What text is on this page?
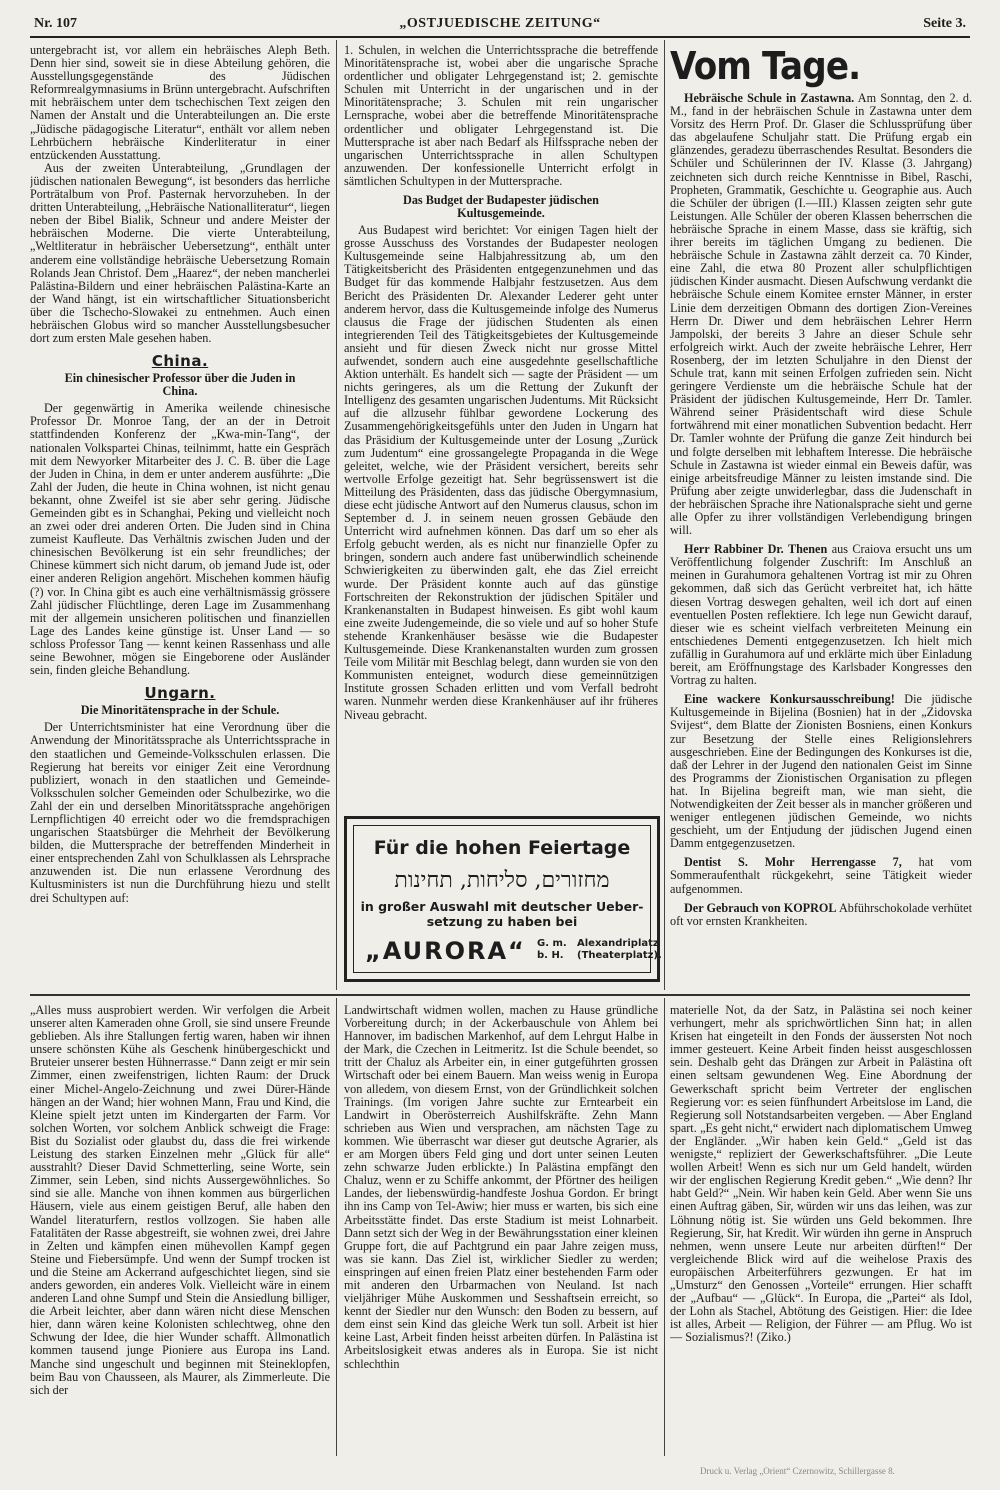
Nr. 107	„OSTJUEDISCHE ZEITUNG“	Seite 3.

untergebracht ist, vor allem ein hebräisches Aleph Beth. Denn hier sind, soweit sie in diese Abteilung gehören, die Ausstellungsgegenstände des Jüdischen Reformrealgymnasiums in Brünn untergebracht. Aufschriften mit hebräischem unter dem tschechischen Text zeigen den Namen der Anstalt und die Unterabteilungen an. Die erste „Jüdische pädagogische Literatur“, enthält vor allem neben Lehrbüchern hebräische Kinderliteratur in einer entzückenden Ausstattung.

Aus der zweiten Unterabteilung, „Grundlagen der jüdischen nationalen Bewegung“, ist besonders das herrliche Porträtalbum von Prof. Pasternak hervorzuheben. In der dritten Unterabteilung, „Hebräische Nationalliteratur“, liegen neben der Bibel Bialik, Schneur und andere Meister der hebräischen Moderne. Die vierte Unterabteilung, „Weltliteratur in hebräischer Uebersetzung“, enthält unter anderem eine vollständige hebräische Uebersetzung Romain Rolands Jean Christof. Dem „Haarez“, der neben mancherlei Palästina-Bildern und einer hebräischen Palästina-Karte an der Wand hängt, ist ein wirtschaftlicher Situationsbericht über die Tschecho-Slowakei zu entnehmen. Auch einen hebräischen Globus wird so mancher Ausstellungsbesucher dort zum ersten Male gesehen haben.

China.
Ein chinesischer Professor über die Juden in China.

Der gegenwärtig in Amerika weilende chinesische Professor Dr. Monroe Tang, der an der in Detroit stattfindenden Konferenz der „Kwa-min-Tang“, der nationalen Volkspartei Chinas, teilnimmt, hatte ein Gespräch mit dem Newyorker Mitarbeiter des J. C. B. über die Lage der Juden in China, in dem er unter anderem ausführte: „Die Zahl der Juden, die heute in China wohnen, ist nicht genau bekannt, ohne Zweifel ist sie aber sehr gering. Jüdische Gemeinden gibt es in Schanghai, Peking und vielleicht noch an zwei oder drei anderen Orten. Die Juden sind in China zumeist Kaufleute. Das Verhältnis zwischen Juden und der chinesischen Bevölkerung ist ein sehr freundliches; der Chinese kümmert sich nicht darum, ob jemand Jude ist, oder einer anderen Religion angehört. Mischehen kommen häufig (?) vor. In China gibt es auch eine verhältnismässig grössere Zahl jüdischer Flüchtlinge, deren Lage im Zusammenhang mit der allgemein unsicheren politischen und finanziellen Lage des Landes keine günstige ist. Unser Land — so schloss Professor Tang — kennt keinen Rassenhass und alle seine Bewohner, mögen sie Eingeborene oder Ausländer sein, finden gleiche Behandlung.

Ungarn.
Die Minoritätensprache in der Schule.

Der Unterrichtsminister hat eine Verordnung über die Anwendung der Minoritätssprache als Unterrichtssprache in den staatlichen und Gemeinde-Volksschulen erlassen. Die Regierung hat bereits vor einiger Zeit eine Verordnung publiziert, wonach in den staatlichen und Gemeinde-Volksschulen solcher Gemeinden oder Schulbezirke, wo die Zahl der ein und derselben Minoritätssprache angehörigen Lernpflichtigen 40 erreicht oder wo die fremdsprachigen ungarischen Staatsbürger die Mehrheit der Bevölkerung bilden, die Muttersprache der betreffenden Minderheit in einer entsprechenden Zahl von Schulklassen als Lehrsprache anzuwenden ist. Die nun erlassene Verordnung des Kultusministers ist nun die Durchführung hiezu und stellt drei Schultypen auf:

1. Schulen, in welchen die Unterrichtssprache die betreffende Minoritätensprache ist, wobei aber die ungarische Sprache ordentlicher und obligater Lehrgegenstand ist; 2. gemischte Schulen mit Unterricht in der ungarischen und in der Minoritätensprache; 3. Schulen mit rein ungarischer Lernsprache, wobei aber die betreffende Minoritätensprache ordentlicher und obligater Lehrgegenstand ist. Die Muttersprache ist aber nach Bedarf als Hilfssprache neben der ungarischen Unterrichtssprache in allen Schultypen anzuwenden. Der konfessionelle Unterricht erfolgt in sämtlichen Schultypen in der Muttersprache.

Das Budget der Budapester jüdischen Kultusgemeinde.

Aus Budapest wird berichtet: Vor einigen Tagen hielt der grosse Ausschuss des Vorstandes der Budapester neologen Kultusgemeinde seine Halbjahressitzung ab, um den Tätigkeitsbericht des Präsidenten entgegenzunehmen und das Budget für das kommende Halbjahr festzusetzen. Aus dem Bericht des Präsidenten Dr. Alexander Lederer geht unter anderem hervor, dass die Kultusgemeinde infolge des Numerus clausus die Frage der jüdischen Studenten als einen integrierenden Teil des Tätigkeitsgebietes der Kultusgemeinde ansieht und für diesen Zweck nicht nur grosse Mittel aufwendet, sondern auch eine ausgedehnte gesellschaftliche Aktion unterhält. Es handelt sich — sagte der Präsident — um nichts geringeres, als um die Rettung der Zukunft der Intelligenz des gesamten ungarischen Judentums. Mit Rücksicht auf die allzusehr fühlbar gewordene Lockerung des Zusammengehörigkeitsgefühls unter den Juden in Ungarn hat das Präsidium der Kultusgemeinde unter der Losung „Zurück zum Judentum“ eine grossangelegte Propaganda in die Wege geleitet, welche, wie der Präsident versichert, bereits sehr wertvolle Erfolge gezeitigt hat. Sehr begrüssenswert ist die Mitteilung des Präsidenten, dass das jüdische Obergymnasium, diese echt jüdische Antwort auf den Numerus clausus, schon im September d. J. in seinem neuen grossen Gebäude den Unterricht wird aufnehmen können. Das darf um so eher als Erfolg gebucht werden, als es nicht nur finanzielle Opfer zu bringen, sondern auch andere fast unüberwindlich scheinende Schwierigkeiten zu überwinden galt, ehe das Ziel erreicht wurde. Der Präsident konnte auch auf das günstige Fortschreiten der Rekonstruktion der jüdischen Spitäler und Krankenanstalten in Budapest hinweisen. Es gibt wohl kaum eine zweite Judengemeinde, die so viele und auf so hoher Stufe stehende Krankenhäuser besässe wie die Budapester Kultusgemeinde. Diese Krankenanstalten wurden zum grossen Teile vom Militär mit Beschlag belegt, dann wurden sie von den Kommunisten enteignet, wodurch diese gemeinnützigen Institute grossen Schaden erlitten und vom Verfall bedroht waren. Nunmehr werden diese Krankenhäuser auf ihr früheres Niveau gebracht.

Für die hohen Feiertage
מחזורים, סליחות, תחינות
in großer Auswahl mit deutscher Ueber-
setzung zu haben bei
„AURORA“ G. m.
b. H.
Alexandriplatz
(Theaterplatz).
Vom Tage.

Hebräische Schule in Zastawna. Am Sonntag, den 2. d. M., fand in der hebräischen Schule in Zastawna unter dem Vorsitz des Herrn Prof. Dr. Glaser die Schlussprüfung über das abgelaufene Schuljahr statt. Die Prüfung ergab ein glänzendes, geradezu überraschendes Resultat. Besonders die Schüler und Schülerinnen der IV. Klasse (3. Jahrgang) zeichneten sich durch reiche Kenntnisse in Bibel, Raschi, Propheten, Grammatik, Geschichte u. Geographie aus. Auch die Schüler der übrigen (I.—III.) Klassen zeigten sehr gute Leistungen. Alle Schüler der oberen Klassen beherrschen die hebräische Sprache in einem Masse, dass sie kräftig, sich ihrer bereits im täglichen Umgang zu bedienen. Die hebräische Schule in Zastawna zählt derzeit ca. 70 Kinder, eine Zahl, die etwa 80 Prozent aller schulpflichtigen jüdischen Kinder ausmacht. Diesen Aufschwung verdankt die hebräische Schule einem Komitee ernster Männer, in erster Linie dem derzeitigen Obmann des dortigen Zion-Vereines Herrn Dr. Diwer und dem hebräischen Lehrer Herrn Jampolski, der bereits 3 Jahre an dieser Schule sehr erfolgreich wirkt. Auch der zweite hebräische Lehrer, Herr Rosenberg, der im letzten Schuljahre in den Dienst der Schule trat, kann mit seinen Erfolgen zufrieden sein. Nicht geringere Verdienste um die hebräische Schule hat der Präsident der jüdischen Kultusgemeinde, Herr Dr. Tamler. Während seiner Präsidentschaft wird diese Schule fortwährend mit einer monatlichen Subvention bedacht. Herr Dr. Tamler wohnte der Prüfung die ganze Zeit hindurch bei und folgte derselben mit lebhaftem Interesse. Die hebräische Schule in Zastawna ist wieder einmal ein Beweis dafür, was einige arbeitsfreudige Männer zu leisten imstande sind. Die Prüfung aber zeigte unwiderlegbar, dass die Judenschaft in der hebräischen Sprache ihre Nationalsprache sieht und gerne alle Opfer zu ihrer vollständigen Verlebendigung bringen will.

Herr Rabbiner Dr. Thenen aus Craiova ersucht uns um Veröffentlichung folgender Zuschrift: Im Anschluß an meinen in Gurahumora gehaltenen Vortrag ist mir zu Ohren gekommen, daß sich das Gerücht verbreitet hat, ich hätte diesen Vortrag deswegen gehalten, weil ich dort auf einen eventuellen Posten reflektiere. Ich lege nun Gewicht darauf, dieser wie es scheint vielfach verbreiteten Meinung ein entschiedenes Dementi entgegenzusetzen. Ich hielt mich zufällig in Gurahumora auf und erklärte mich über Einladung bereit, am Eröffnungstage des Karlsbader Kongresses den Vortrag zu halten.

Eine wackere Konkursausschreibung! Die jüdische Kultusgemeinde in Bijelina (Bosnien) hat in der „Zidovska Svijest“, dem Blatte der Zionisten Bosniens, einen Konkurs zur Besetzung der Stelle eines Religionslehrers ausgeschrieben. Eine der Bedingungen des Konkurses ist die, daß der Lehrer in der Jugend den nationalen Geist im Sinne des Programms der Zionistischen Organisation zu pflegen hat. In Bijelina begreift man, wie man sieht, die Notwendigkeiten der Zeit besser als in mancher größeren und weniger entlegenen jüdischen Gemeinde, wo nichts geschieht, um der Entjudung der jüdischen Jugend einen Damm entgegenzusetzen.

Dentist S. Mohr Herrengasse 7, hat vom Sommeraufenthalt rückgekehrt, seine Tätigkeit wieder aufgenommen.

Der Gebrauch von KOPROL Abführschokolade verhütet oft vor ernsten Krankheiten.

„Alles muss ausprobiert werden. Wir verfolgen die Arbeit unserer alten Kameraden ohne Groll, sie sind unsere Freunde geblieben. Als ihre Stallungen fertig waren, haben wir ihnen unsere schönsten Kühe als Geschenk hinübergeschickt und Bruteier unserer besten Hühnerrasse.“ Dann zeigt er mir sein Zimmer, einen zweifenstrigen, lichten Raum: der Druck einer Michel-Angelo-Zeichnung und zwei Dürer-Hände hängen an der Wand; hier wohnen Mann, Frau und Kind, die Kleine spielt jetzt unten im Kindergarten der Farm. Vor solchen Worten, vor solchem Anblick schweigt die Frage: Bist du Sozialist oder glaubst du, dass die frei wirkende Leistung des starken Einzelnen mehr „Glück für alle“ ausstrahlt? Dieser David Schmetterling, seine Worte, sein Zimmer, sein Leben, sind nichts Aussergewöhnliches. So sind sie alle. Manche von ihnen kommen aus bürgerlichen Häusern, viele aus einem geistigen Beruf, alle haben den Wandel literaturfern, restlos vollzogen. Sie haben alle Fatalitäten der Rasse abgestreift, sie wohnen zwei, drei Jahre in Zelten und kämpfen einen mühevollen Kampf gegen Steine und Fiebersümpfe. Und wenn der Sumpf trocken ist und die Steine am Ackerrand aufgeschichtet liegen, sind sie anders geworden, ein anderes Volk. Vielleicht wäre in einem anderen Land ohne Sumpf und Stein die Ansiedlung billiger, die Arbeit leichter, aber dann wären nicht diese Menschen hier, dann wären keine Kolonisten schlechtweg, ohne den Schwung der Idee, die hier Wunder schafft. Allmonatlich kommen tausend junge Pioniere aus Europa ins Land. Manche sind ungeschult und beginnen mit Steineklopfen, beim Bau von Chausseen, als Maurer, als Zimmerleute. Die sich der

Landwirtschaft widmen wollen, machen zu Hause gründliche Vorbereitung durch; in der Ackerbauschule von Ahlem bei Hannover, im badischen Markenhof, auf dem Lehrgut Halbe in der Mark, die Czechen in Leitmeritz. Ist die Schule beendet, so tritt der Chaluz als Arbeiter ein, in einer gutgeführten grossen Wirtschaft oder bei einem Bauern. Man weiss wenig in Europa von alledem, von diesem Ernst, von der Gründlichkeit solchen Trainings. (Im vorigen Jahre suchte zur Erntearbeit ein Landwirt in Oberösterreich Aushilfskräfte. Zehn Mann schrieben aus Wien und versprachen, am nächsten Tage zu kommen. Wie überrascht war dieser gut deutsche Agrarier, als er am Morgen übers Feld ging und dort unter seinen Leuten zehn schwarze Juden erblickte.) In Palästina empfängt den Chaluz, wenn er zu Schiffe ankommt, der Pförtner des heiligen Landes, der liebenswürdig-handfeste Joshua Gordon. Er bringt ihn ins Camp von Tel-Awiw; hier muss er warten, bis sich eine Arbeitsstätte findet. Das erste Stadium ist meist Lohnarbeit. Dann setzt sich der Weg in der Bewährungsstation einer kleinen Gruppe fort, die auf Pachtgrund ein paar Jahre zeigen muss, was sie kann. Das Ziel ist, wirklicher Siedler zu werden; einspringen auf einen freien Platz einer bestehenden Farm oder mit anderen den Urbarmachen von Neuland. Ist nach vieljähriger Mühe Auskommen und Sesshaftsein erreicht, so kennt der Siedler nur den Wunsch: den Boden zu bessern, auf dem einst sein Kind das gleiche Werk tun soll. Arbeit ist hier keine Last, Arbeit finden heisst arbeiten dürfen. In Palästina ist Arbeitslosigkeit etwas anderes als in Europa. Sie ist nicht schlechthin

materielle Not, da der Satz, in Palästina sei noch keiner verhungert, mehr als sprichwörtlichen Sinn hat; in allen Krisen hat eingeteilt in den Fonds der äussersten Not noch immer gesteuert. Keine Arbeit finden heisst ausgeschlossen sein. Deshalb geht das Drängen zur Arbeit in Palästina oft einen seltsam gewundenen Weg. Eine Abordnung der Gewerkschaft spricht beim Vertreter der englischen Regierung vor: es seien fünfhundert Arbeitslose im Land, die Regierung soll Notstandsarbeiten vergeben. — Aber England spart. „Es geht nicht,“ erwidert nach diplomatischem Umweg der Engländer. „Wir haben kein Geld.“ „Geld ist das wenigste,“ repliziert der Gewerkschaftsführer. „Die Leute wollen Arbeit! Wenn es sich nur um Geld handelt, würden wir der englischen Regierung Kredit geben.“ „Wie denn? Ihr habt Geld?“ „Nein. Wir haben kein Geld. Aber wenn Sie uns einen Auftrag gäben, Sir, würden wir uns das leihen, was zur Löhnung nötig ist. Sie würden uns Geld bekommen. Ihre Regierung, Sir, hat Kredit. Wir würden ihn gerne in Anspruch nehmen, wenn unsere Leute nur arbeiten dürften!“ Der vergleichende Blick wird auf die weihelose Praxis des europäischen Arbeiterführers gezwungen. Er hat im „Umsturz“ den Genossen „Vorteile“ errungen. Hier schafft der „Aufbau“ — „Glück“. In Europa, die „Partei“ als Idol, der Lohn als Stachel, Abtötung des Geistigen. Hier: die Idee ist alles, Arbeit — Religion, der Führer — am Pflug. Wo ist — Sozialismus?! (Ziko.)

Druck u. Verlag „Orient“ Czernowitz, Schillergasse 8.
